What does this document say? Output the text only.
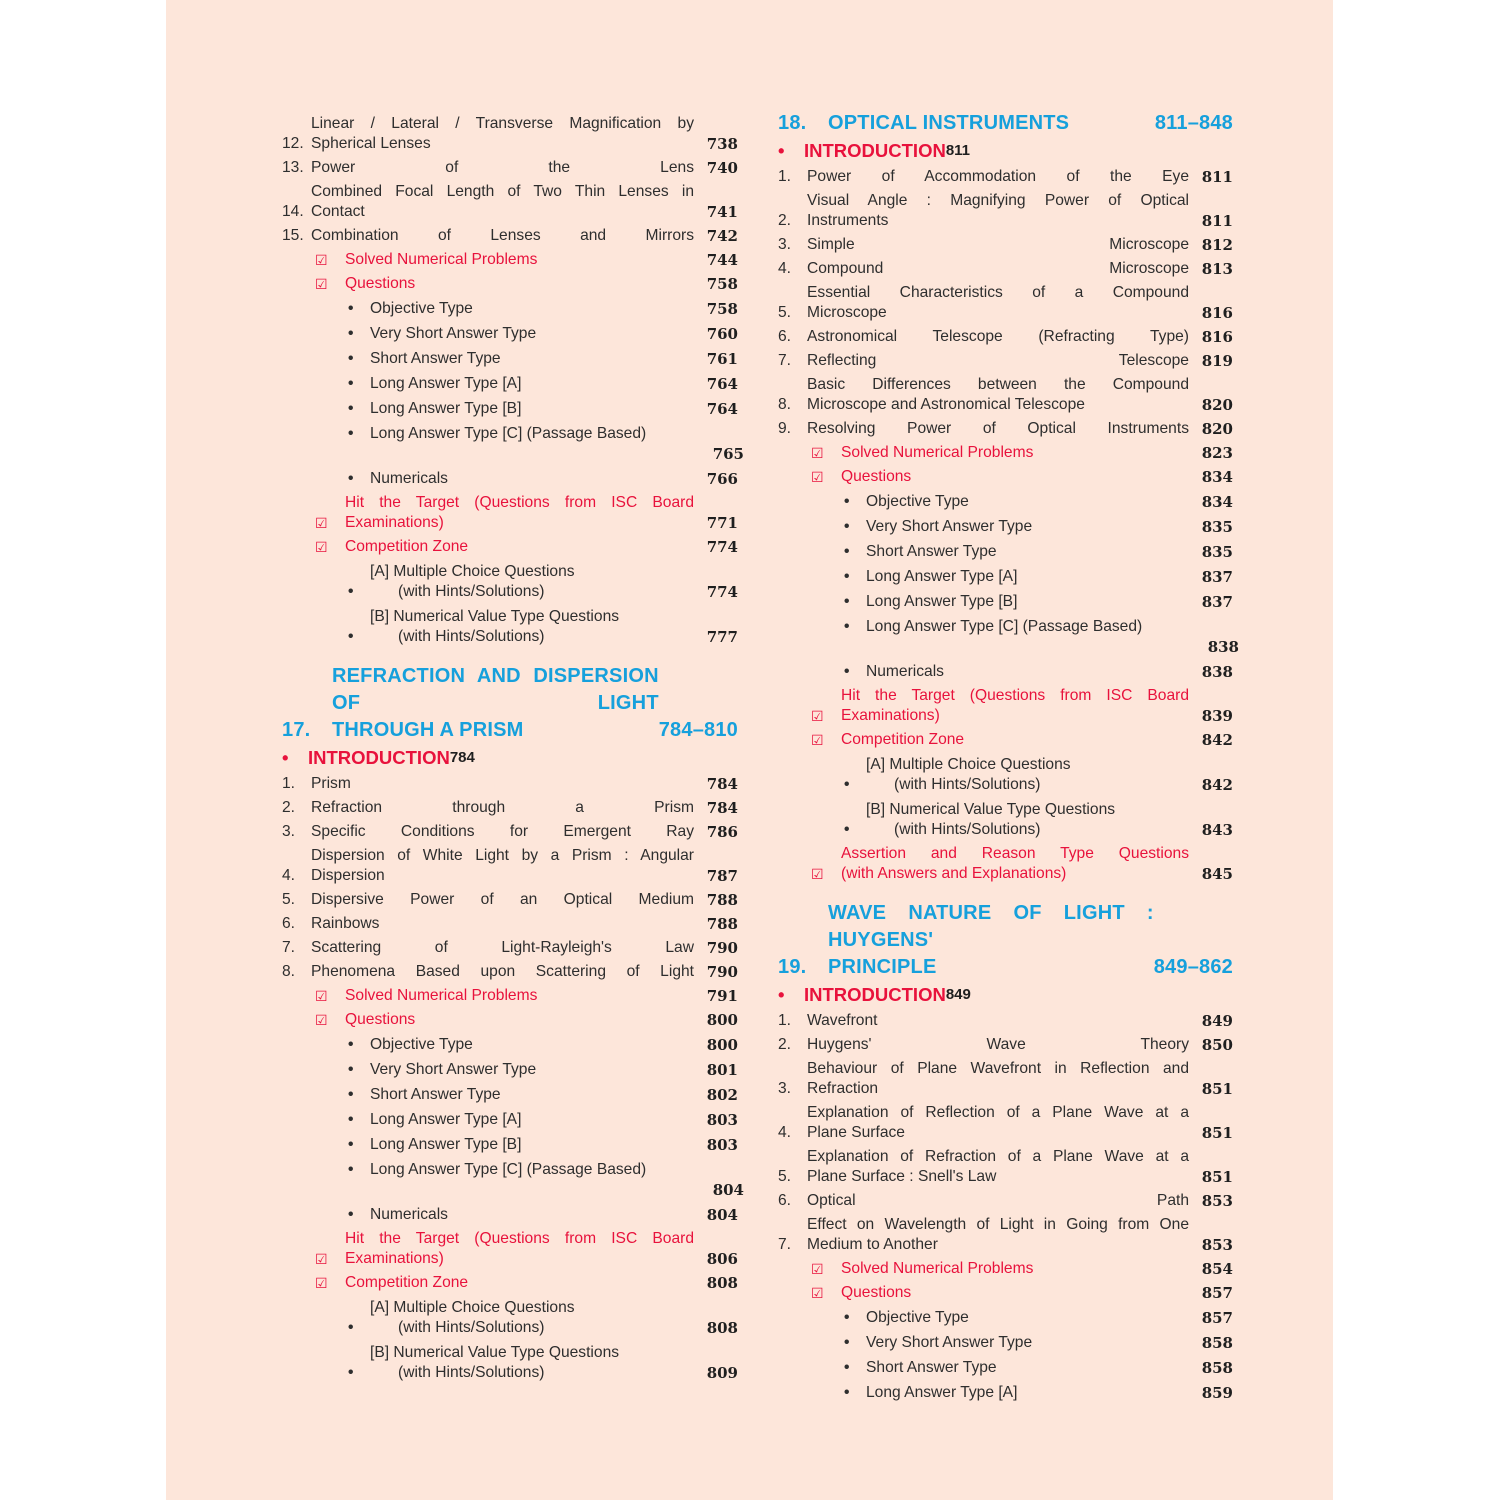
12.
Linear / Lateral / Transverse Magnification by
Spherical Lenses	738
13. Power of the Lens 740
14.
Combined Focal Length of Two Thin Lenses in
Contact	741
15. Combination of Lenses and Mirrors 742
☑	Solved Numerical Problems	744
☑	Questions	758
•	Objective Type	758
•	Very Short Answer Type	760
•	Short Answer Type	761
•	Long Answer Type [A]	764
•	Long Answer Type [B]	764
•	Long Answer Type [C] (Passage Based)
765
•	Numericals	766
☑
Hit the Target (Questions from ISC Board
Examinations)	771
☑	Competition Zone	774
•
[A] Multiple Choice Questions
(with Hints/Solutions)	774
•
[B] Numerical Value Type Questions
(with Hints/Solutions)	777
17.
REFRACTION AND DISPERSION OF LIGHT
THROUGH A PRISM	784–810
•	INTRODUCTION 784
1.	Prism	784
2.	Refraction through a Prism 784
3.	Specific Conditions for Emergent Ray 786
4.
Dispersion of White Light by a Prism : Angular
Dispersion	787
5.	Dispersive Power of an Optical Medium 788
6.	Rainbows	788
7.	Scattering of Light-Rayleigh's Law 790
8.	Phenomena Based upon Scattering of Light 790
☑	Solved Numerical Problems	791
☑	Questions	800
•	Objective Type	800
•	Very Short Answer Type	801
•	Short Answer Type	802
•	Long Answer Type [A]	803
•	Long Answer Type [B]	803
•	Long Answer Type [C] (Passage Based)
804
•	Numericals	804
☑
Hit the Target (Questions from ISC Board
Examinations)	806
☑	Competition Zone	808
•
[A] Multiple Choice Questions
(with Hints/Solutions)	808
•
[B] Numerical Value Type Questions
(with Hints/Solutions)	809
18.	OPTICAL INSTRUMENTS	811–848
•	INTRODUCTION 811
1.	Power of Accommodation of the Eye 811
2.
Visual Angle : Magnifying Power of Optical
Instruments	811
3.	Simple Microscope 812
4.	Compound Microscope 813
5.
Essential Characteristics of a Compound
Microscope	816
6.	Astronomical Telescope (Refracting Type) 816
7.	Reflecting Telescope 819
8.
Basic Differences between the Compound
Microscope and Astronomical Telescope	820
9.	Resolving Power of Optical Instruments 820
☑	Solved Numerical Problems	823
☑	Questions	834
•	Objective Type	834
•	Very Short Answer Type	835
•	Short Answer Type	835
•	Long Answer Type [A]	837
•	Long Answer Type [B]	837
•	Long Answer Type [C] (Passage Based)
838
•	Numericals	838
☑
Hit the Target (Questions from ISC Board
Examinations)	839
☑	Competition Zone	842
•
[A] Multiple Choice Questions
(with Hints/Solutions)	842
•
[B] Numerical Value Type Questions
(with Hints/Solutions)	843
☑
Assertion and Reason Type Questions
(with Answers and Explanations)	845
19.
WAVE NATURE OF LIGHT : HUYGENS'
PRINCIPLE	849–862
•	INTRODUCTION 849
1.	Wavefront	849
2.	Huygens' Wave Theory 850
3.
Behaviour of Plane Wavefront in Reflection and
Refraction	851
4.
Explanation of Reflection of a Plane Wave at a
Plane Surface	851
5.
Explanation of Refraction of a Plane Wave at a
Plane Surface : Snell's Law	851
6.	Optical Path 853
7.
Effect on Wavelength of Light in Going from One
Medium to Another	853
☑	Solved Numerical Problems	854
☑	Questions	857
•	Objective Type	857
•	Very Short Answer Type	858
•	Short Answer Type	858
•	Long Answer Type [A]	859
